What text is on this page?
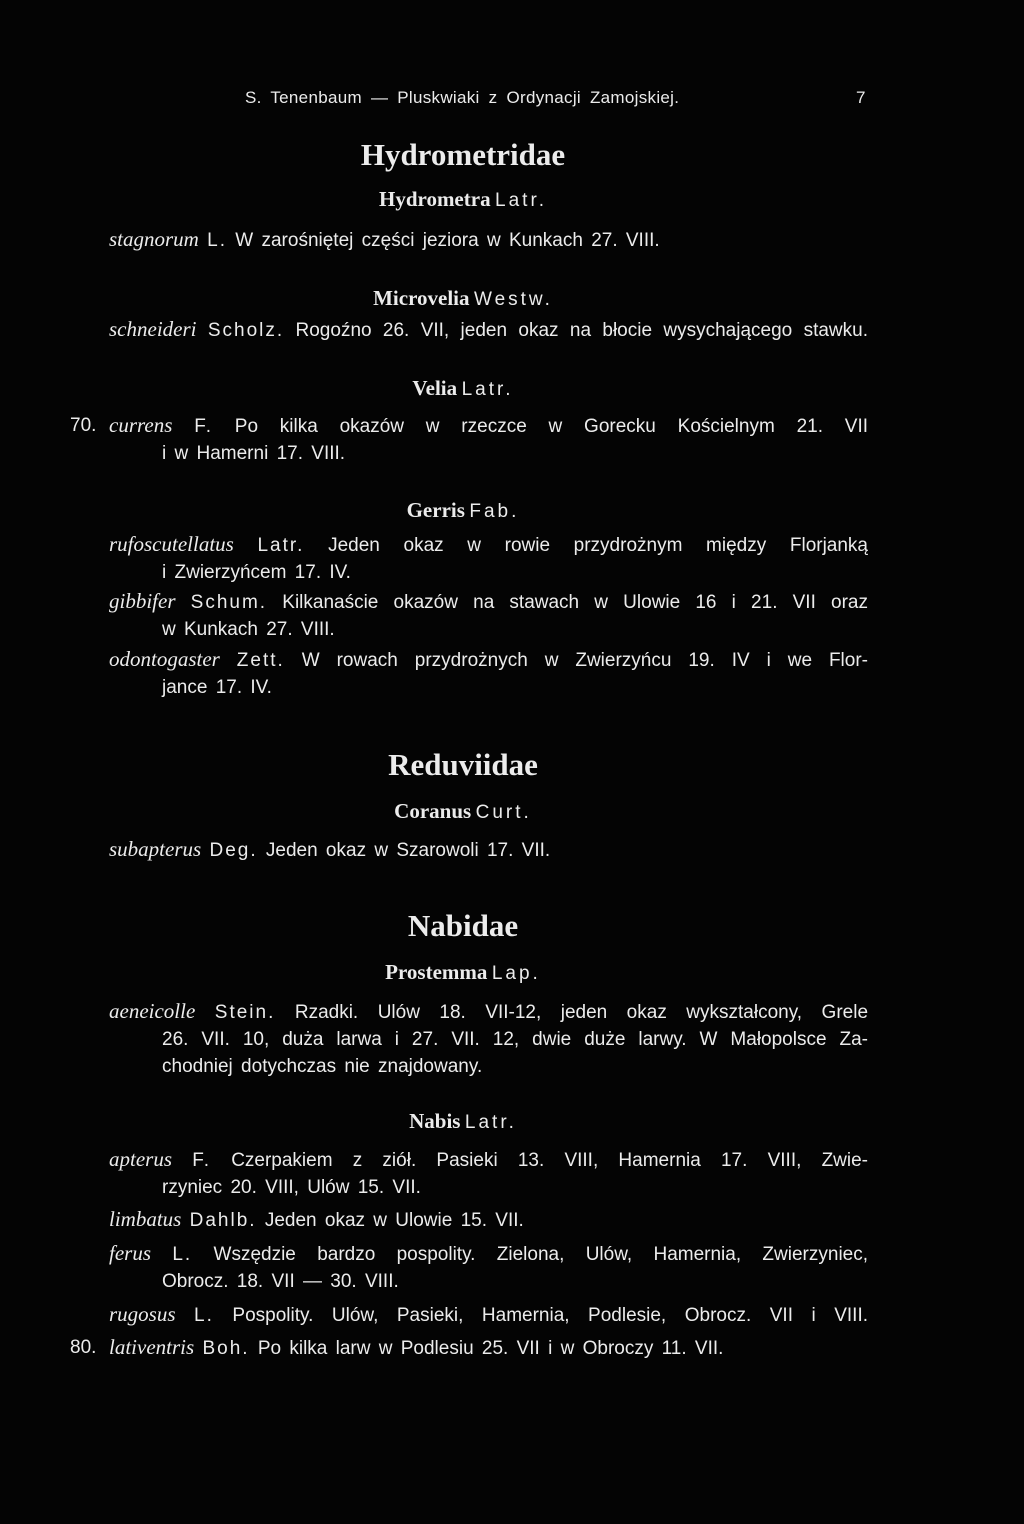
S. Tenenbaum — Pluskwiaki z Ordynacji Zamojskiej.	7
Hydrometridae
Hydrometra Latr.
stagnorum L. W zarośniętej części jeziora w Kunkach 27. VIII.
Microvelia Westw.
schneideri Scholz. Rogoźno 26. VII, jeden okaz na błocie wysychającego stawku.
Velia Latr.
70. currens F. Po kilka okazów w rzeczce w Gorecku Kościelnym 21. VII
i w Hamerni 17. VIII.
Gerris Fab.
rufoscutellatus Latr. Jeden okaz w rowie przydrożnym między Florjanką
i Zwierzyńcem 17. IV.
gibbifer Schum. Kilkanaście okazów na stawach w Ulowie 16 i 21. VII oraz
w Kunkach 27. VIII.
odontogaster Zett. W rowach przydrożnych w Zwierzyńcu 19. IV i we Flor-
jance 17. IV.
Reduviidae
Coranus Curt.
subapterus Deg. Jeden okaz w Szarowoli 17. VII.
Nabidae
Prostemma Lap.
aeneicolle Stein. Rzadki. Ulów 18. VII-12, jeden okaz wykształcony, Grele
26. VII. 10, duża larwa i 27. VII. 12, dwie duże larwy. W Małopolsce Za-
chodniej dotychczas nie znajdowany.
Nabis Latr.
apterus F. Czerpakiem z ziół. Pasieki 13. VIII, Hamernia 17. VIII, Zwie-
rzyniec 20. VIII, Ulów 15. VII.
limbatus Dahlb. Jeden okaz w Ulowie 15. VII.
ferus L. Wszędzie bardzo pospolity. Zielona, Ulów, Hamernia, Zwierzyniec,
Obrocz. 18. VII — 30. VIII.
rugosus L. Pospolity. Ulów, Pasieki, Hamernia, Podlesie, Obrocz. VII i VIII.
80. lativentris Boh. Po kilka larw w Podlesiu 25. VII i w Obroczy 11. VII.
